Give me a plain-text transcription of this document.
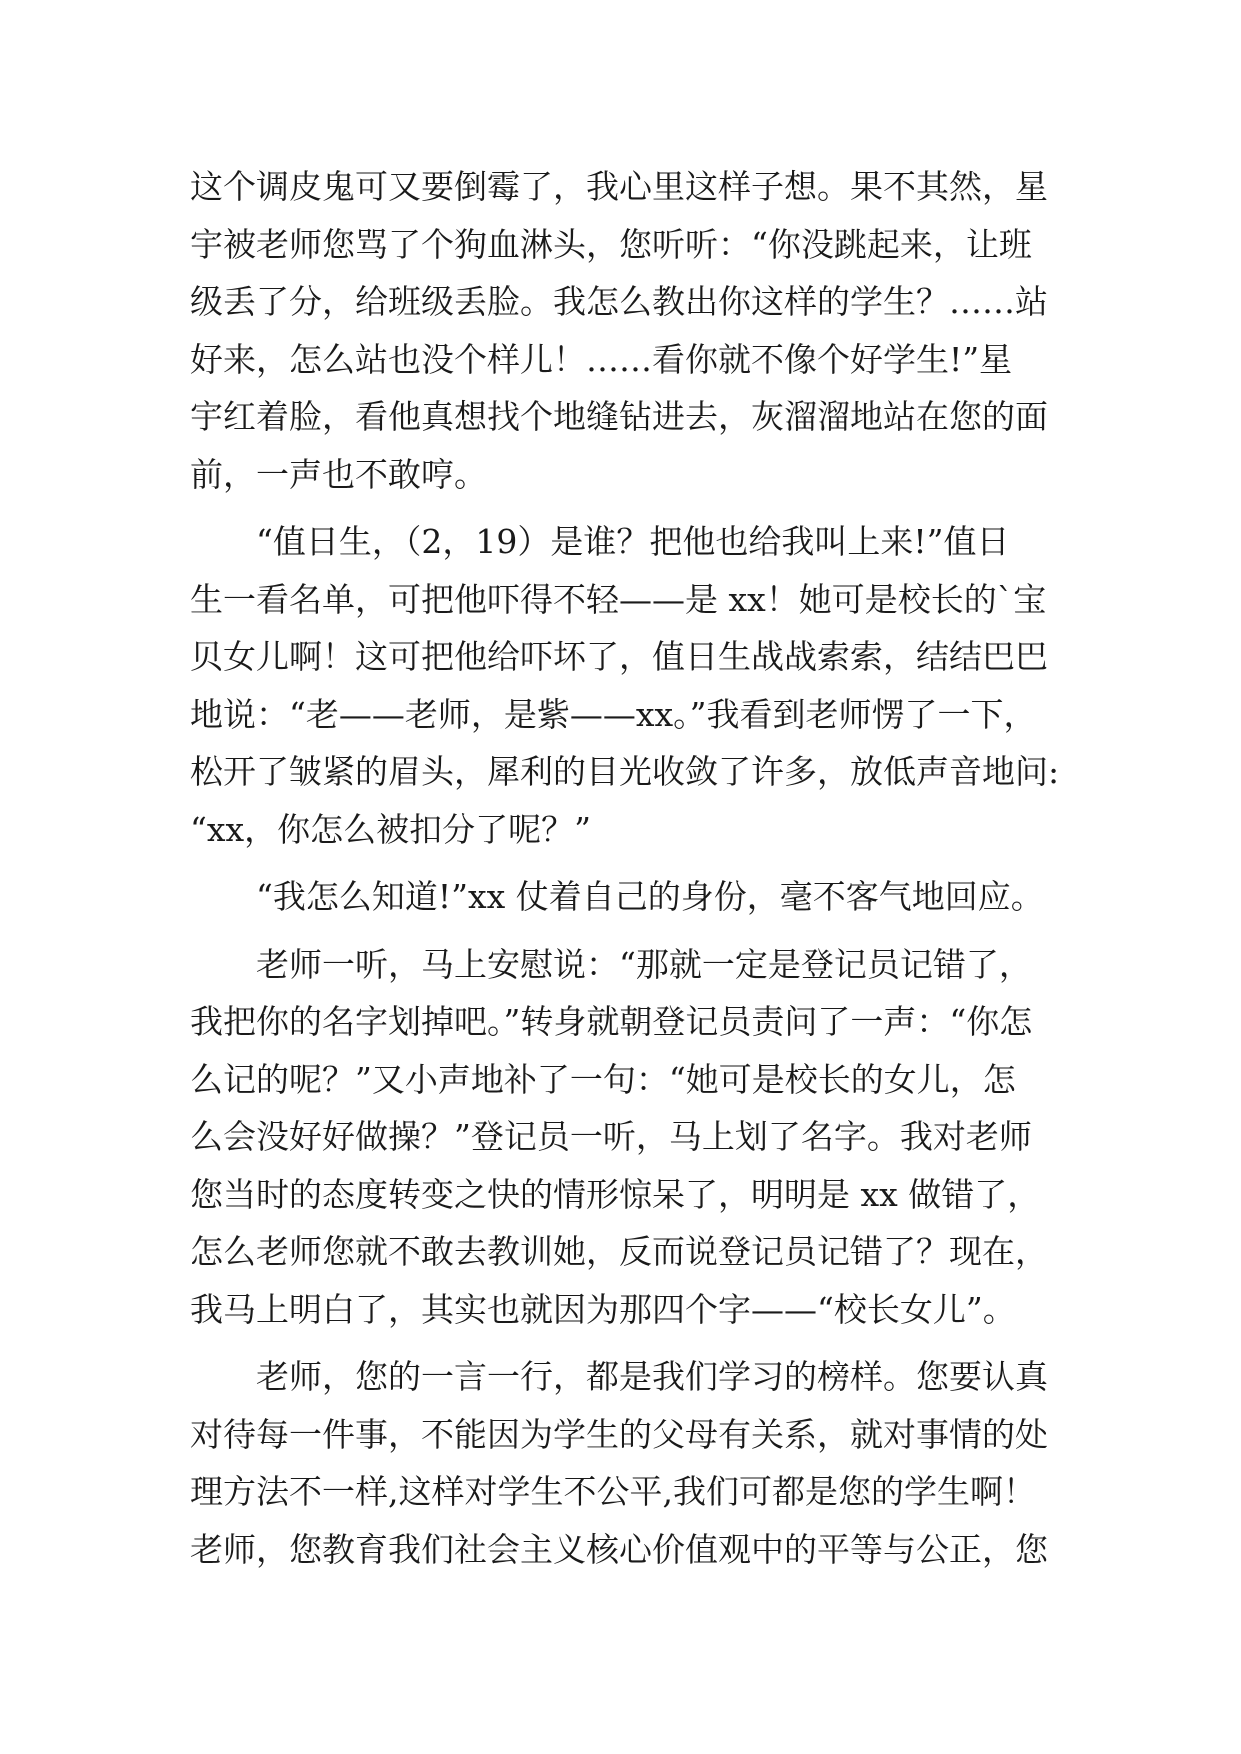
这个调皮鬼可又要倒霉了，我心里这样子想。果不其然，星
宇被老师您骂了个狗血淋头，您听听：“你没跳起来，让班
级丢了分，给班级丢脸。我怎么教出你这样的学生？……站
好来，怎么站也没个样儿！……看你就不像个好学生!”星
宇红着脸，看他真想找个地缝钻进去，灰溜溜地站在您的面
前，一声也不敢哼。
“值日生，（2，19）是谁？把他也给我叫上来!”值日
生一看名单，可把他吓得不轻——是 xx！她可是校长的`宝
贝女儿啊！这可把他给吓坏了，值日生战战索索，结结巴巴
地说：“老——老师，是紫——xx。”我看到老师愣了一下，
松开了皱紧的眉头，犀利的目光收敛了许多，放低声音地问:
“xx，你怎么被扣分了呢？”
“我怎么知道!”xx 仗着自己的身份，毫不客气地回应。
老师一听，马上安慰说：“那就一定是登记员记错了，
我把你的名字划掉吧。”转身就朝登记员责问了一声：“你怎
么记的呢？”又小声地补了一句：“她可是校长的女儿，怎
么会没好好做操？”登记员一听，马上划了名字。我对老师
您当时的态度转变之快的情形惊呆了，明明是 xx 做错了，
怎么老师您就不敢去教训她，反而说登记员记错了？现在，
我马上明白了，其实也就因为那四个字——“校长女儿”。
老师，您的一言一行，都是我们学习的榜样。您要认真
对待每一件事，不能因为学生的父母有关系，就对事情的处
理方法不一样,这样对学生不公平,我们可都是您的学生啊！
老师，您教育我们社会主义核心价值观中的平等与公正，您
